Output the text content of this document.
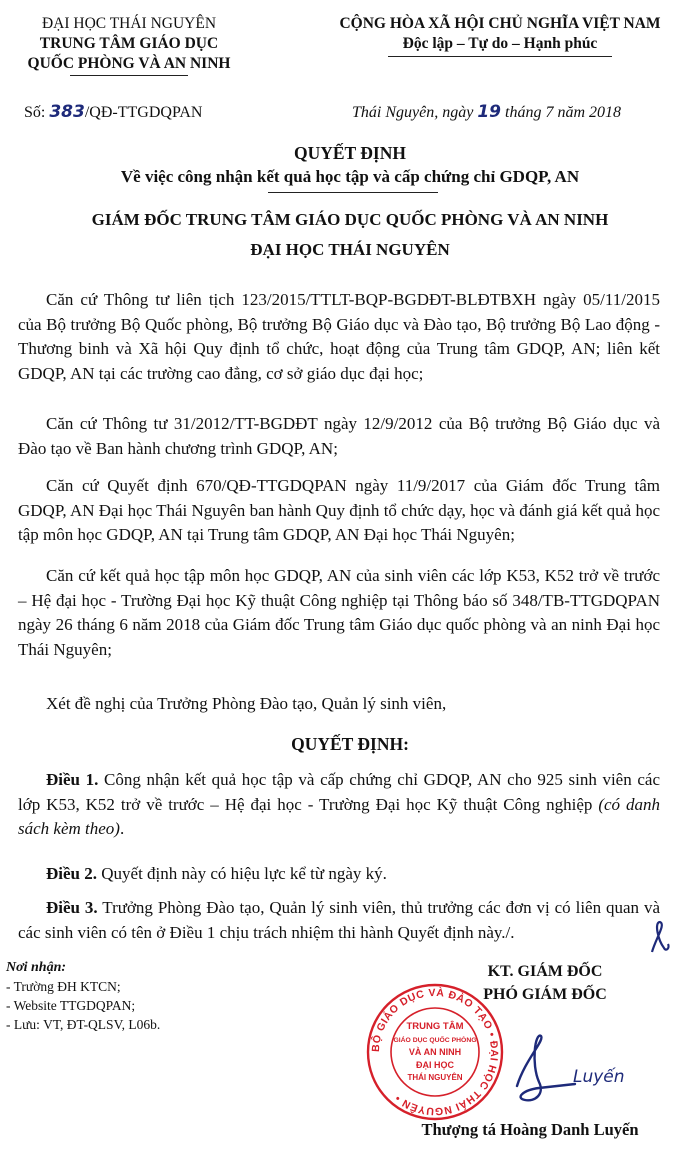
ĐẠI HỌC THÁI NGUYÊN
TRUNG TÂM GIÁO DỤC
QUỐC PHÒNG VÀ AN NINH
CỘNG HÒA XÃ HỘI CHỦ NGHĨA VIỆT NAM
Độc lập – Tự do – Hạnh phúc
Số: 383/QĐ-TTGDQPAN	Thái Nguyên, ngày 19 tháng 7 năm 2018
QUYẾT ĐỊNH
Về việc công nhận kết quả học tập và cấp chứng chỉ GDQP, AN
GIÁM ĐỐC TRUNG TÂM GIÁO DỤC QUỐC PHÒNG VÀ AN NINH
ĐẠI HỌC THÁI NGUYÊN
Căn cứ Thông tư liên tịch 123/2015/TTLT-BQP-BGDĐT-BLĐTBXH ngày 05/11/2015 của Bộ trưởng Bộ Quốc phòng, Bộ trưởng Bộ Giáo dục và Đào tạo, Bộ trưởng Bộ Lao động - Thương binh và Xã hội Quy định tổ chức, hoạt động của Trung tâm GDQP, AN; liên kết GDQP, AN tại các trường cao đẳng, cơ sở giáo dục đại học;
Căn cứ Thông tư 31/2012/TT-BGDĐT ngày 12/9/2012 của Bộ trưởng Bộ Giáo dục và Đào tạo về Ban hành chương trình GDQP, AN;
Căn cứ Quyết định 670/QĐ-TTGDQPAN ngày 11/9/2017 của Giám đốc Trung tâm GDQP, AN Đại học Thái Nguyên ban hành Quy định tổ chức dạy, học và đánh giá kết quả học tập môn học GDQP, AN tại Trung tâm GDQP, AN Đại học Thái Nguyên;
Căn cứ kết quả học tập môn học GDQP, AN của sinh viên các lớp K53, K52 trở về trước – Hệ đại học - Trường Đại học Kỹ thuật Công nghiệp tại Thông báo số 348/TB-TTGDQPAN ngày 26 tháng 6 năm 2018 của Giám đốc Trung tâm Giáo dục quốc phòng và an ninh Đại học Thái Nguyên;
Xét đề nghị của Trưởng Phòng Đào tạo, Quản lý sinh viên,
QUYẾT ĐỊNH:
Điều 1. Công nhận kết quả học tập và cấp chứng chỉ GDQP, AN cho 925 sinh viên các lớp K53, K52 trở về trước – Hệ đại học - Trường Đại học Kỹ thuật Công nghiệp (có danh sách kèm theo).
Điều 2. Quyết định này có hiệu lực kể từ ngày ký.
Điều 3. Trưởng Phòng Đào tạo, Quản lý sinh viên, thủ trưởng các đơn vị có liên quan và các sinh viên có tên ở Điều 1 chịu trách nhiệm thi hành Quyết định này./.
Nơi nhận:
- Trường ĐH KTCN;
- Website TTGDQPAN;
- Lưu: VT, ĐT-QLSV, L06b.
KT. GIÁM ĐỐC
PHÓ GIÁM ĐỐC
BỘ GIÁO DỤC VÀ ĐÀO TẠO • ĐẠI HỌC THÁI NGUYÊN •
TRUNG TÂM
GIÁO DỤC QUỐC PHÒNG
VÀ AN NINH
ĐẠI HỌC
THÁI NGUYÊN	Luyến
Thượng tá Hoàng Danh Luyến
